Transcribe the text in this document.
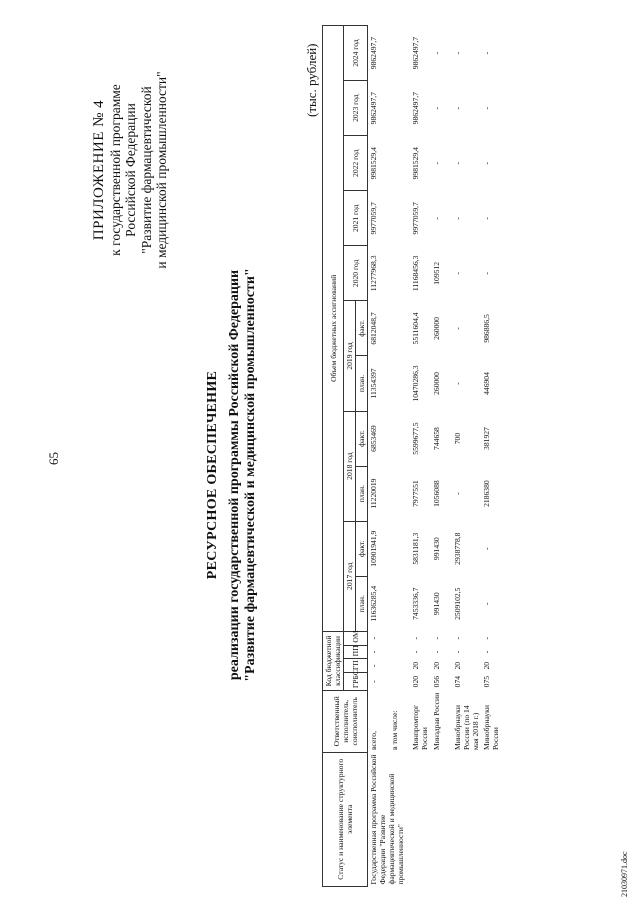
65
ПРИЛОЖЕНИЕ № 4 к государственной программе Российской Федерации "Развитие фармацевтической и медицинской промышленности"
РЕСУРСНОЕ ОБЕСПЕЧЕНИЕ реализации государственной программы Российской Федерации "Развитие фармацевтической и медицинской промышленности"
(тыс. рублей)
Статус и наименование структурного элемента	Ответственный исполнитель, соисполнитель	Код бюджетной классификации				Объем бюджетных ассигнований										
		ГРБС	ГП	ПП	ОМ	2017 год		2018 год		2019 год		2020 год	2021 год	2022 год	2023 год	2024 год
						план.	факт.	план.	факт.	план.	факт.					
Государственная программа Российской Федерации "Развитие фармацевтической и медицинской промышленности"	всего,	-	-	-	-	11636285,4	10901941,9	11220019	6853469	11354397	6812048,7	11277968,3	9977059,7	9981529,4	9862497,7	9862497,7
	в том числе:															
	Минпромторг России	020	20	-	-	7453336,7	5831181,3	7977551	5599677,5	10470286,3	5511604,4	11168456,3	9977059,7	9981529,4	9862497,7	9862497,7
	Минздрав России	056	20	-	-	991430	991430	1056088	744658	260000	260000	109512	-	-	-	-
	Минобрнауки России (по 14 мая 2018 г.)	074	20	-	-	2509102,5	2938778,8	-	700	-	-	-	-	-	-	-
	Минобрнауки России	075	20	-	-	-	-	2186380	381927	446904	986886,5	-	-	-	-	-
21030971.doc
